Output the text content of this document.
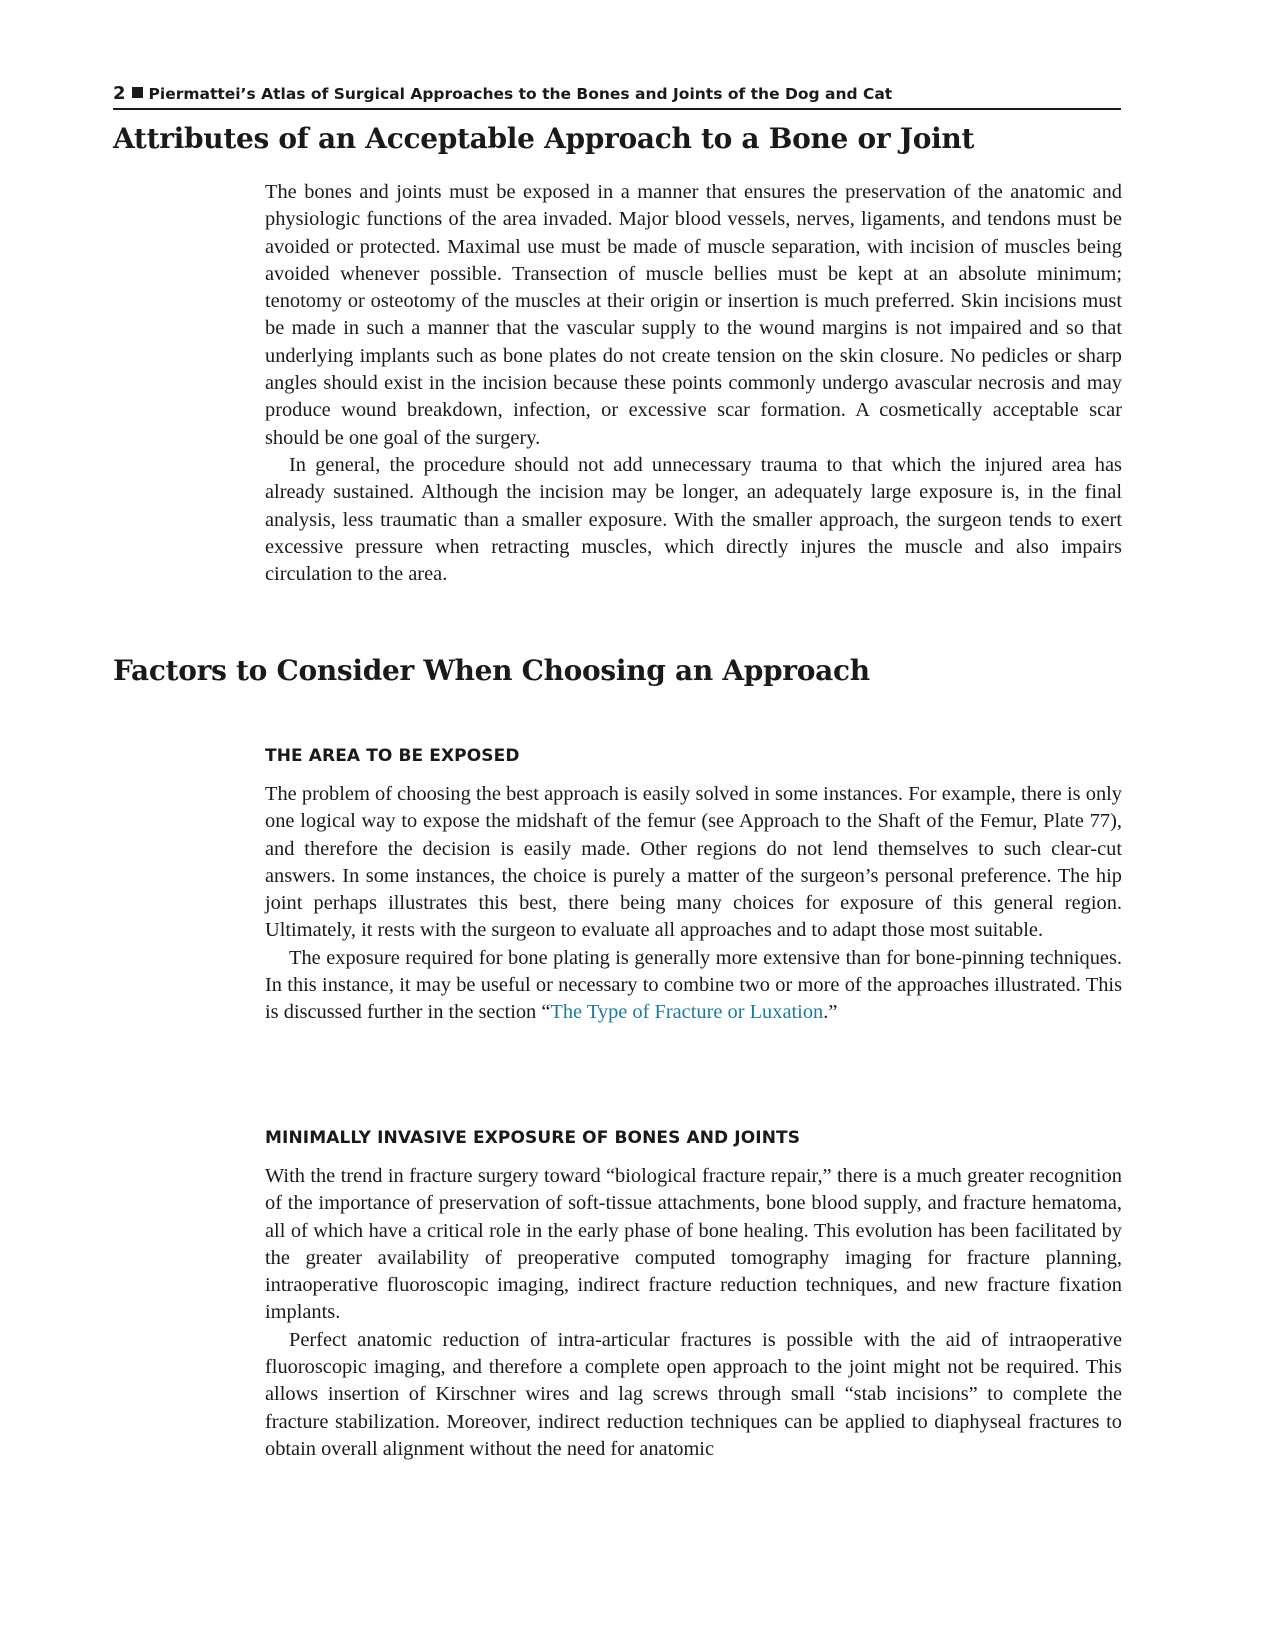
2 Piermattei’s Atlas of Surgical Approaches to the Bones and Joints of the Dog and Cat
Attributes of an Acceptable Approach to a Bone or Joint

The bones and joints must be exposed in a manner that ensures the preservation of the anatomic and physiologic functions of the area invaded. Major blood vessels, nerves, ligaments, and tendons must be avoided or protected. Maximal use must be made of muscle separation, with incision of muscles being avoided whenever possible. Transection of muscle bellies must be kept at an absolute minimum; tenotomy or osteotomy of the muscles at their origin or insertion is much preferred. Skin incisions must be made in such a manner that the vascular supply to the wound margins is not impaired and so that underlying implants such as bone plates do not create tension on the skin closure. No pedicles or sharp angles should exist in the incision because these points commonly undergo avascular necrosis and may produce wound breakdown, infection, or excessive scar formation. A cosmetically acceptable scar should be one goal of the surgery.

In general, the procedure should not add unnecessary trauma to that which the injured area has already sustained. Although the incision may be longer, an adequately large exposure is, in the final analysis, less traumatic than a smaller exposure. With the smaller approach, the surgeon tends to exert excessive pressure when retracting muscles, which directly injures the muscle and also impairs circulation to the area.

Factors to Consider When Choosing an Approach
THE AREA TO BE EXPOSED

The problem of choosing the best approach is easily solved in some instances. For example, there is only one logical way to expose the midshaft of the femur (see Approach to the Shaft of the Femur, Plate 77), and therefore the decision is easily made. Other regions do not lend themselves to such clear-cut answers. In some instances, the choice is purely a matter of the surgeon’s personal preference. The hip joint perhaps illustrates this best, there being many choices for exposure of this general region. Ultimately, it rests with the surgeon to evaluate all approaches and to adapt those most suitable.

The exposure required for bone plating is generally more extensive than for bone-pinning techniques. In this instance, it may be useful or necessary to combine two or more of the approaches illustrated. This is discussed further in the section “The Type of Fracture or Luxation.”

MINIMALLY INVASIVE EXPOSURE OF BONES AND JOINTS

With the trend in fracture surgery toward “biological fracture repair,” there is a much greater recognition of the importance of preservation of soft-tissue attachments, bone blood supply, and fracture hematoma, all of which have a critical role in the early phase of bone healing. This evolution has been facilitated by the greater availability of preoperative computed tomography imaging for fracture planning, intraoperative fluoroscopic imaging, indirect fracture reduction techniques, and new fracture fixation implants.

Perfect anatomic reduction of intra-articular fractures is possible with the aid of intraoperative fluoroscopic imaging, and therefore a complete open approach to the joint might not be required. This allows insertion of Kirschner wires and lag screws through small “stab incisions” to complete the fracture stabilization. Moreover, indirect reduction techniques can be applied to diaphyseal fractures to obtain overall alignment without the need for anatomic
